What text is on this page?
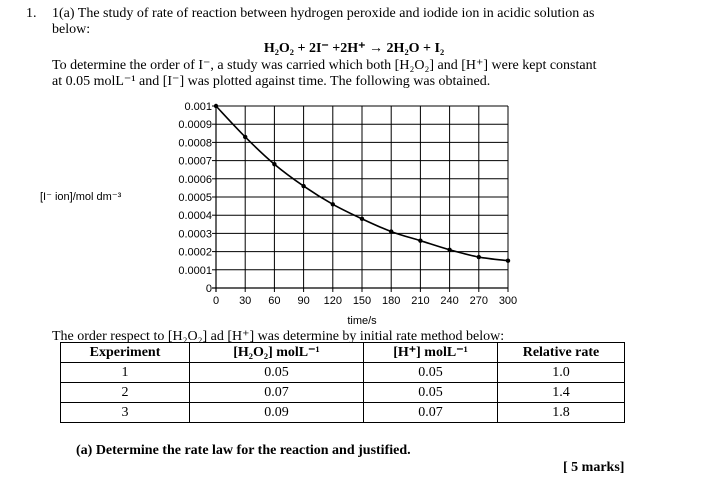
1. 1(a) The study of rate of reaction between hydrogen peroxide and iodide ion in acidic solution as
below:
H₂O₂ + 2I⁻ +2H⁺ → 2H₂O + I₂
To determine the order of I⁻, a study was carried which both [H₂O₂] and [H⁺] were kept constant
at 0.05 molL⁻¹ and [I⁻] was plotted against time. The following was obtained.
0 30 60 90 120 150 180 210 240 270 300
0
0.0001
0.0002
0.0003
0.0004
0.0005
0.0006
0.0007
0.0008
0.0009
0.001
[I⁻ ion]/mol dm⁻³
time/s
The order respect to [H₂O₂] ad [H⁺] was determine by initial rate method below:
Experiment	[H₂O₂] molL⁻¹	[H⁺] molL⁻¹	Relative rate
1	0.05	0.05	1.0
2	0.07	0.05	1.4
3	0.09	0.07	1.8
(a) Determine the rate law for the reaction and justified.
[ 5 marks]
